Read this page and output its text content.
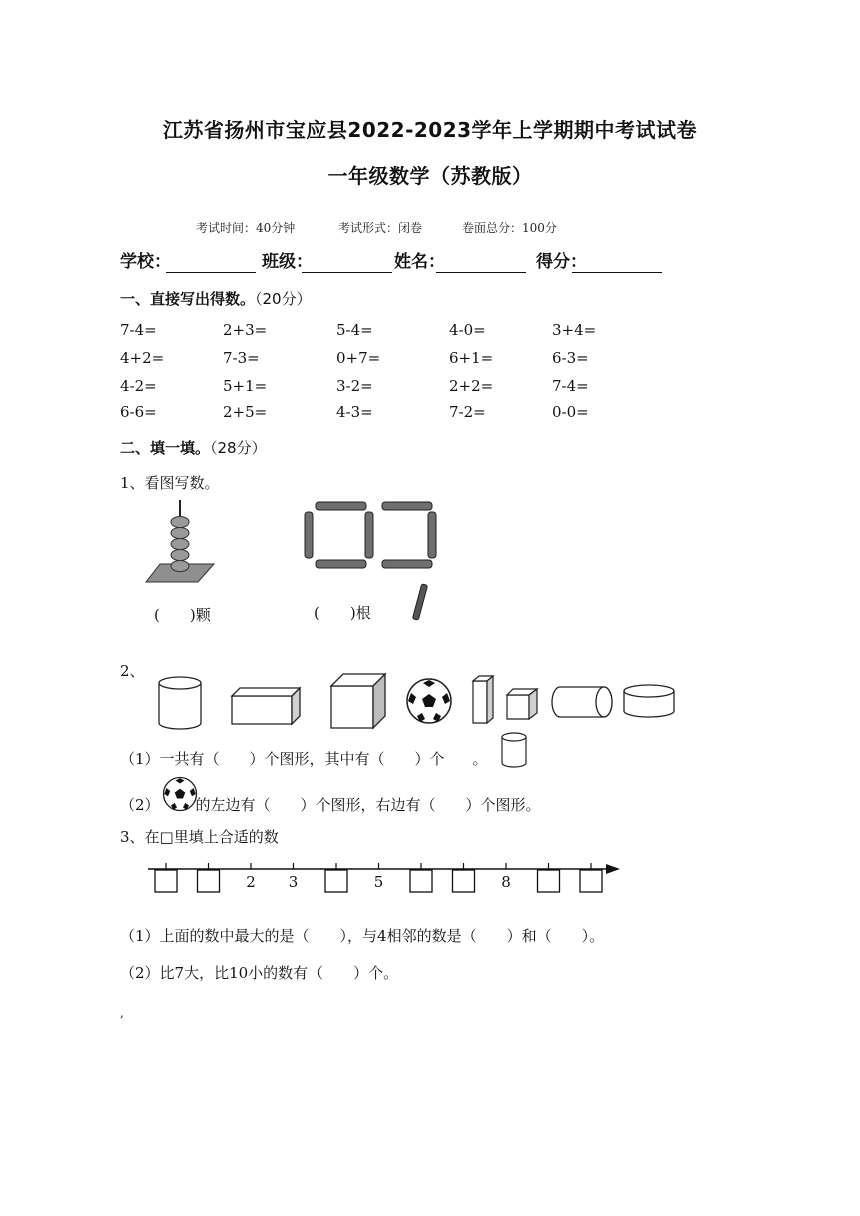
江苏省扬州市宝应县2022-2023学年上学期期中考试试卷
一年级数学（苏教版）
考试时间：40分钟	考试形式：闭卷	卷面总分：100分
学校：	班级：	姓名：	得分：
一、直接写出得数。（20分）
7-4=	2+3=	5-4=	4-0=	3+4=
4+2=	7-3=	0+7=	6+1=	6-3=
4-2=	5+1=	3-2=	2+2=	7-4=
6-6=	2+5=	4-3=	7-2=	0-0=
二、填一填。（28分）
1、看图写数。
(　　)颗	(　　)根
2、
（1）一共有（　　）个图形，其中有（　　）个 。
（2） 的左边有（　　）个图形，右边有（　　）个图形。
3、在□里填上合适的数
2 3	5	8
（1）上面的数中最大的是（　　），与4相邻的数是（　　）和（　　）。
（2）比7大，比10小的数有（　　）个。
,
